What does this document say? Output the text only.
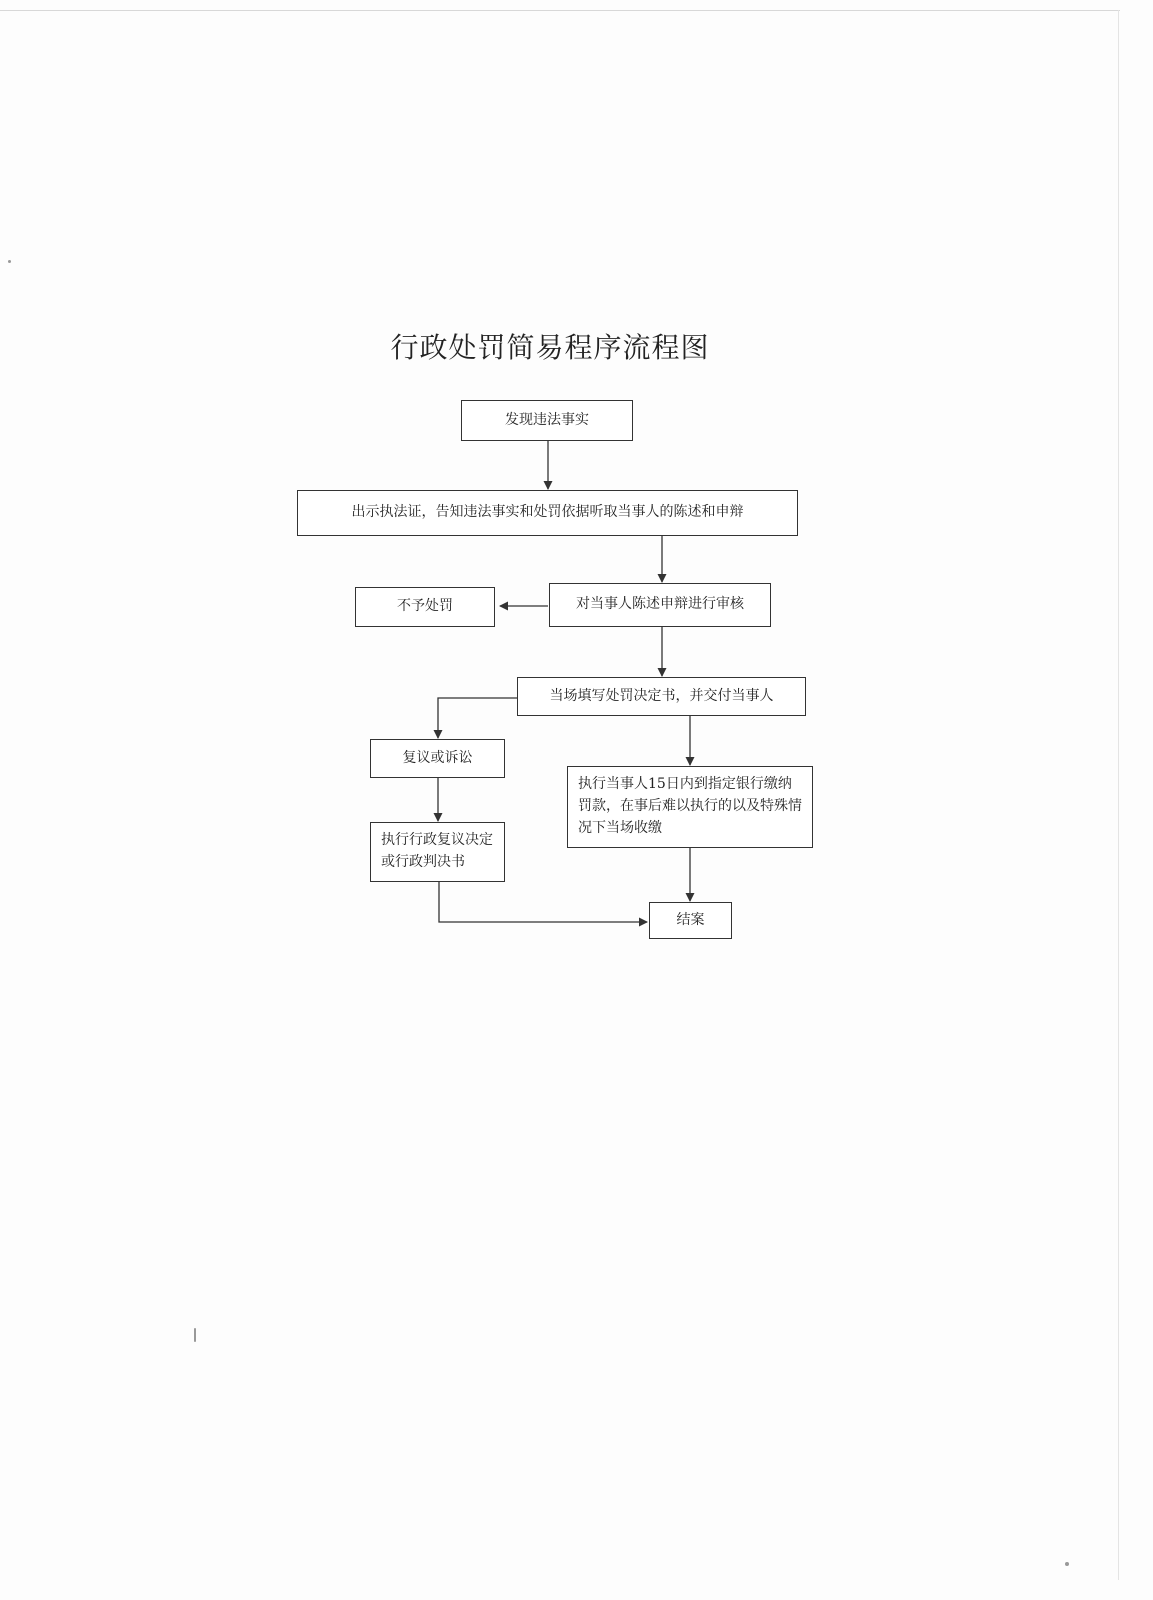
行政处罚简易程序流程图
发现违法事实
出示执法证，告知违法事实和处罚依据听取当事人的陈述和申辩
对当事人陈述申辩进行审核
不予处罚
当场填写处罚决定书，并交付当事人
复议或诉讼
执行行政复议决定或行政判决书
执行当事人15日内到指定银行缴纳罚款，在事后难以执行的以及特殊情况下当场收缴
结案
